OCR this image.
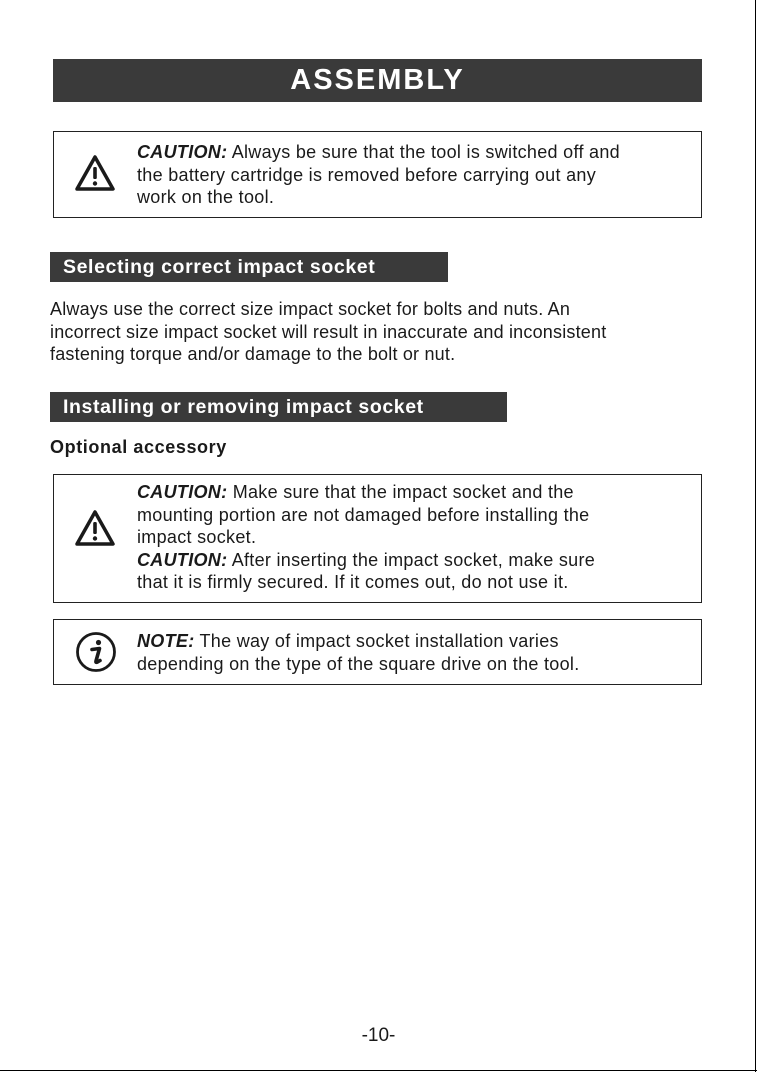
ASSEMBLY
CAUTION: Always be sure that the tool is switched off and
the battery cartridge is removed before carrying out any
work on the tool.
Selecting correct impact socket
Always use the correct size impact socket for bolts and nuts. An
incorrect size impact socket will result in inaccurate and inconsistent
fastening torque and/or damage to the bolt or nut.
Installing or removing impact socket
Optional accessory
CAUTION: Make sure that the impact socket and the
mounting portion are not damaged before installing the
impact socket.
CAUTION: After inserting the impact socket, make sure
that it is firmly secured. If it comes out, do not use it.
NOTE: The way of impact socket installation varies
depending on the type of the square drive on the tool.
-10-
